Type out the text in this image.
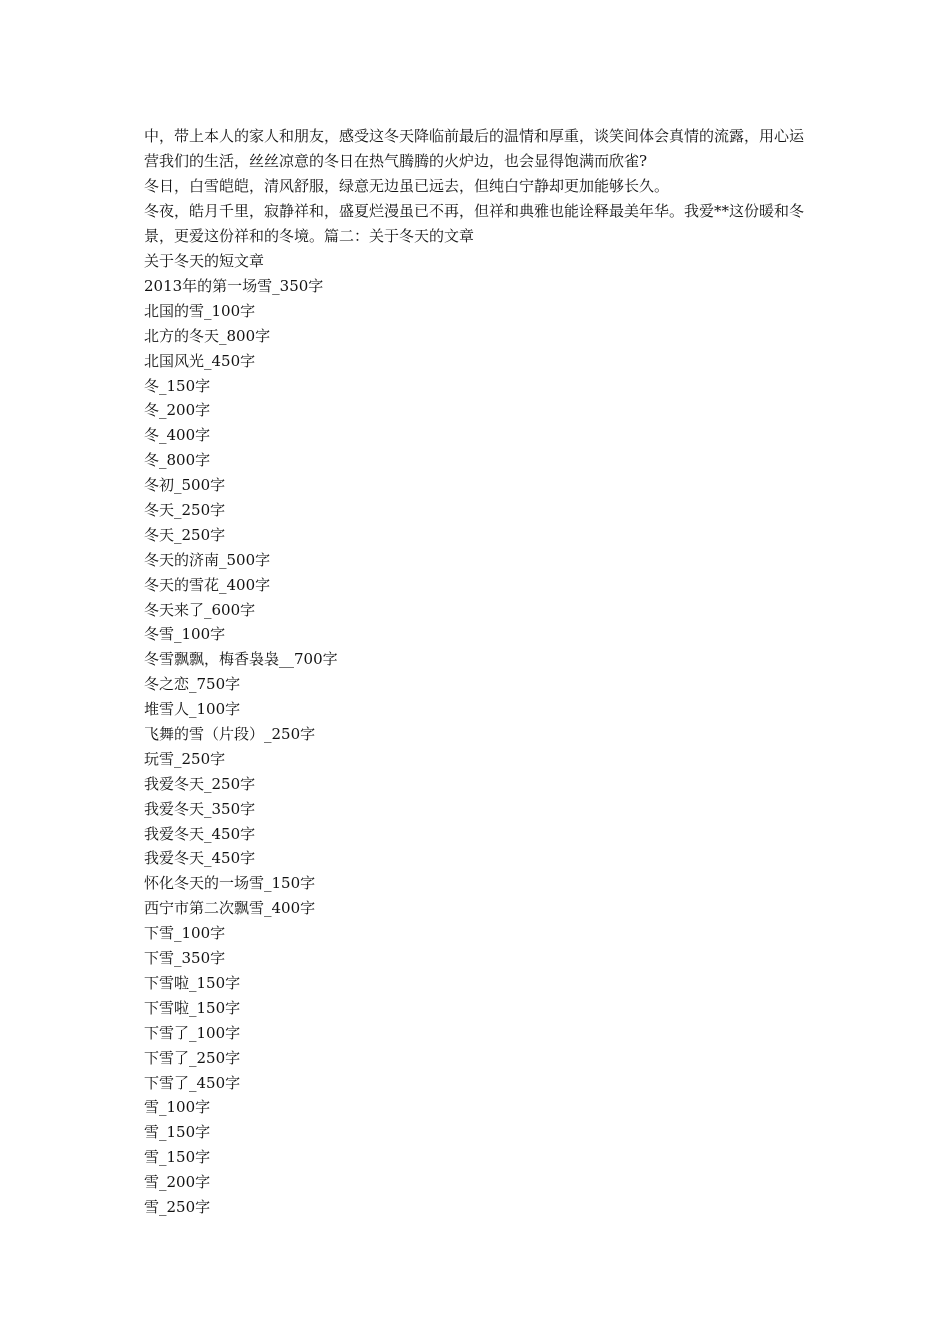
中，带上本人的家人和朋友，感受这冬天降临前最后的温情和厚重，谈笑间体会真情的流露，用心运营我们的生活，丝丝凉意的冬日在热气腾腾的火炉边，也会显得饱满而欣雀?

冬日，白雪皑皑，清风舒服，绿意无边虽已远去，但纯白宁静却更加能够长久。

冬夜，皓月千里，寂静祥和，盛夏烂漫虽已不再，但祥和典雅也能诠释最美年华。我爱**这份暖和冬景，更爱这份祥和的冬境。篇二：关于冬天的文章

关于冬天的短文章

2013年的第一场雪_350字
北国的雪_100字
北方的冬天_800字
北国风光_450字
冬_150字
冬_200字
冬_400字
冬_800字
冬初_500字
冬天_250字
冬天_250字
冬天的济南_500字
冬天的雪花_400字
冬天来了_600字
冬雪_100字
冬雪飘飘，梅香袅袅__700字
冬之恋_750字
堆雪人_100字
飞舞的雪（片段）_250字
玩雪_250字
我爱冬天_250字
我爱冬天_350字
我爱冬天_450字
我爱冬天_450字
怀化冬天的一场雪_150字
西宁市第二次飘雪_400字
下雪_100字
下雪_350字
下雪啦_150字
下雪啦_150字
下雪了_100字
下雪了_250字
下雪了_450字
雪_100字
雪_150字
雪_150字
雪_200字
雪_250字
